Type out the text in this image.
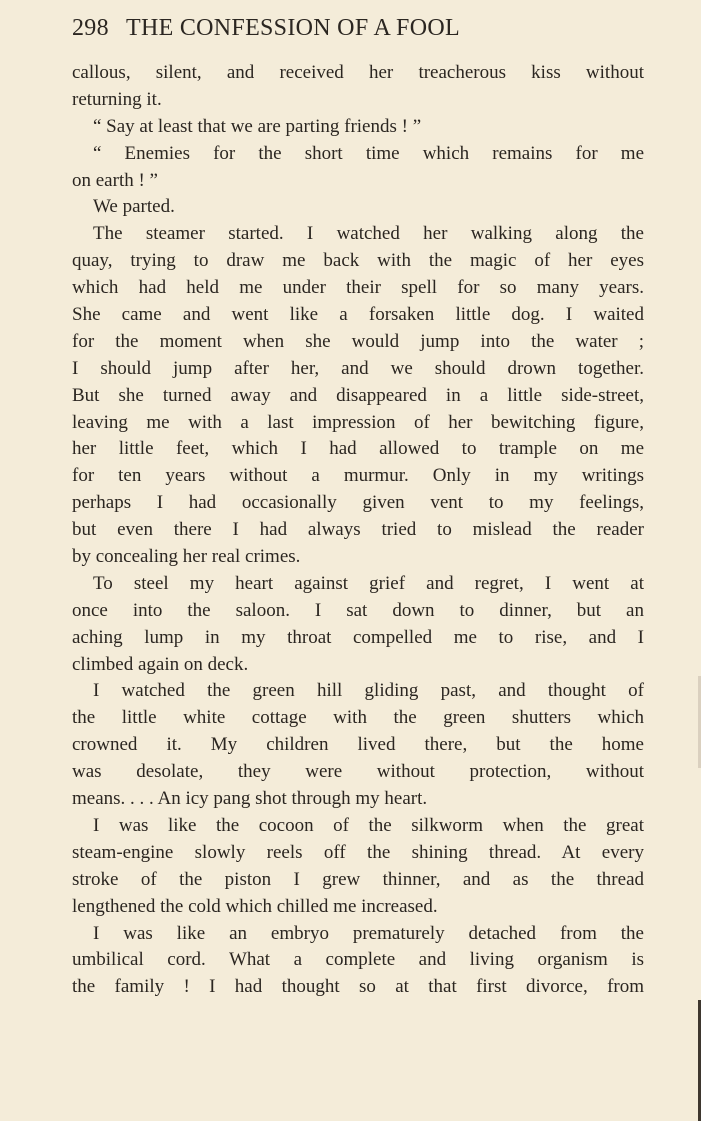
298 THE CONFESSION OF A FOOL
callous, silent, and received her treacherous kiss without
returning it.
“ Say at least that we are parting friends ! ”
“ Enemies for the short time which remains for me
on earth ! ”
We parted.
The steamer started. I watched her walking along the
quay, trying to draw me back with the magic of her eyes
which had held me under their spell for so many years.
She came and went like a forsaken little dog. I waited
for the moment when she would jump into the water ;
I should jump after her, and we should drown together.
But she turned away and disappeared in a little side-street,
leaving me with a last impression of her bewitching figure,
her little feet, which I had allowed to trample on me
for ten years without a murmur. Only in my writings
perhaps I had occasionally given vent to my feelings,
but even there I had always tried to mislead the reader
by concealing her real crimes.
To steel my heart against grief and regret, I went at
once into the saloon. I sat down to dinner, but an
aching lump in my throat compelled me to rise, and I
climbed again on deck.
I watched the green hill gliding past, and thought of
the little white cottage with the green shutters which
crowned it. My children lived there, but the home
was desolate, they were without protection, without
means. . . . An icy pang shot through my heart.
I was like the cocoon of the silkworm when the great
steam-engine slowly reels off the shining thread. At every
stroke of the piston I grew thinner, and as the thread
lengthened the cold which chilled me increased.
I was like an embryo prematurely detached from the
umbilical cord. What a complete and living organism is
the family ! I had thought so at that first divorce, from
